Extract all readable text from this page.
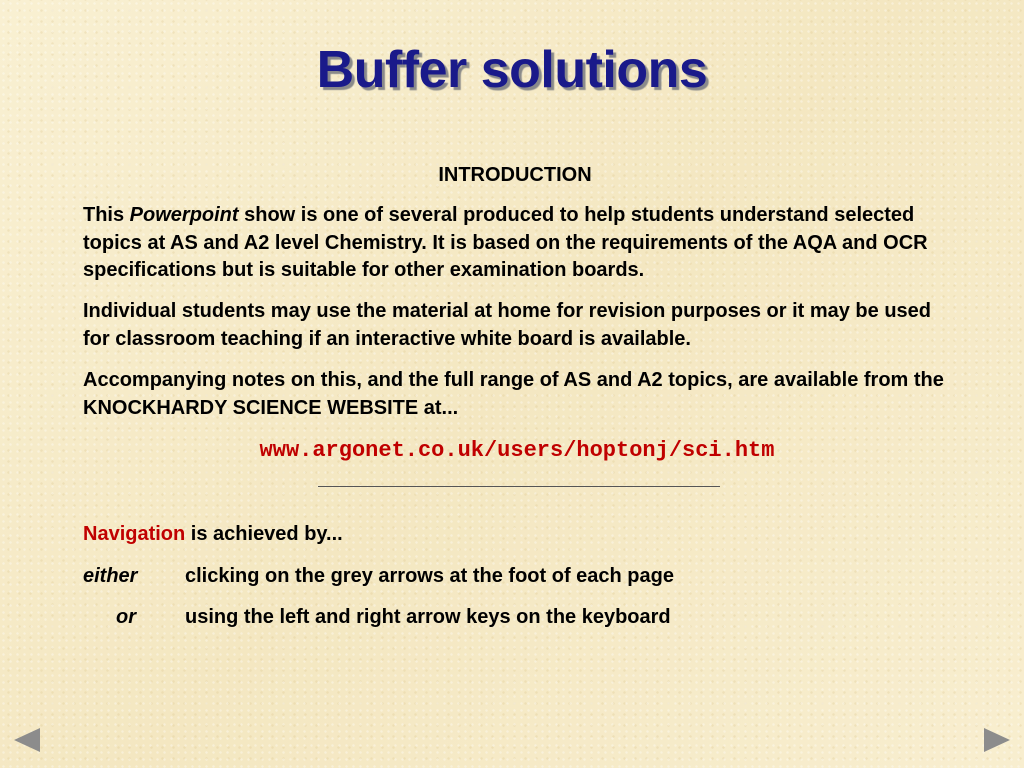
Buffer solutions
INTRODUCTION

This Powerpoint show is one of several produced to help students understand selected topics at AS and A2 level Chemistry. It is based on the requirements of the AQA and OCR specifications but is suitable for other examination boards.

Individual students may use the material at home for revision purposes or it may be used for classroom teaching if an interactive white board is available.

Accompanying notes on this, and the full range of AS and A2 topics, are available from the KNOCKHARDY SCIENCE WEBSITE at...

www.argonet.co.uk/users/hoptonj/sci.htm
Navigation is achieved by...
either clicking on the grey arrows at the foot of each page
or using the left and right arrow keys on the keyboard
